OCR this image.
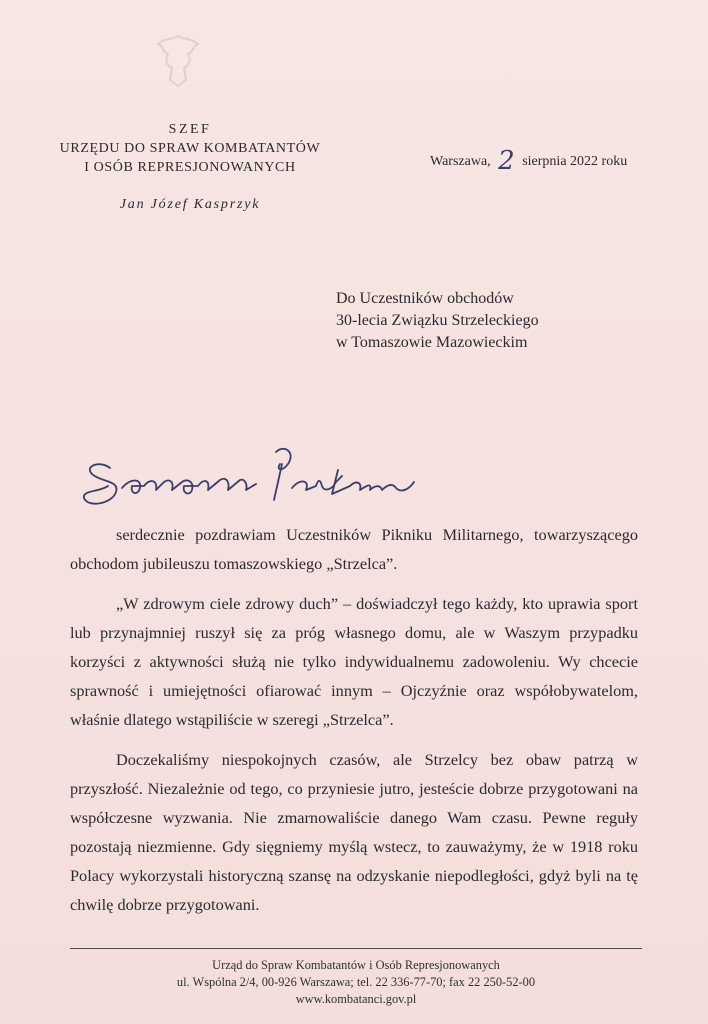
SZEF
URZĘDU DO SPRAW KOMBATANTÓW
I OSÓB REPRESJONOWANYCH
Jan Józef Kasprzyk
Warszawa, 2 sierpnia 2022 roku
Do Uczestników obchodów
30-lecia Związku Strzeleckiego
w Tomaszowie Mazowieckim

serdecznie pozdrawiam Uczestników Pikniku Militarnego, towarzyszącego obchodom jubileuszu tomaszowskiego „Strzelca”.

„W zdrowym ciele zdrowy duch” – doświadczył tego każdy, kto uprawia sport lub przynajmniej ruszył się za próg własnego domu, ale w Waszym przypadku korzyści z aktywności służą nie tylko indywidualnemu zadowoleniu. Wy chcecie sprawność i umiejętności ofiarować innym – Ojczyźnie oraz współobywatelom, właśnie dlatego wstąpiliście w szeregi „Strzelca”.

Doczekaliśmy niespokojnych czasów, ale Strzelcy bez obaw patrzą w przyszłość. Niezależnie od tego, co przyniesie jutro, jesteście dobrze przygotowani na współczesne wyzwania. Nie zmarnowaliście danego Wam czasu. Pewne reguły pozostają niezmienne. Gdy sięgniemy myślą wstecz, to zauważymy, że w 1918 roku Polacy wykorzystali historyczną szansę na odzyskanie niepodległości, gdyż byli na tę chwilę dobrze przygotowani.

Urząd do Spraw Kombatantów i Osób Represjonowanych
ul. Wspólna 2/4, 00-926 Warszawa; tel. 22 336-77-70; fax 22 250-52-00
www.kombatanci.gov.pl
